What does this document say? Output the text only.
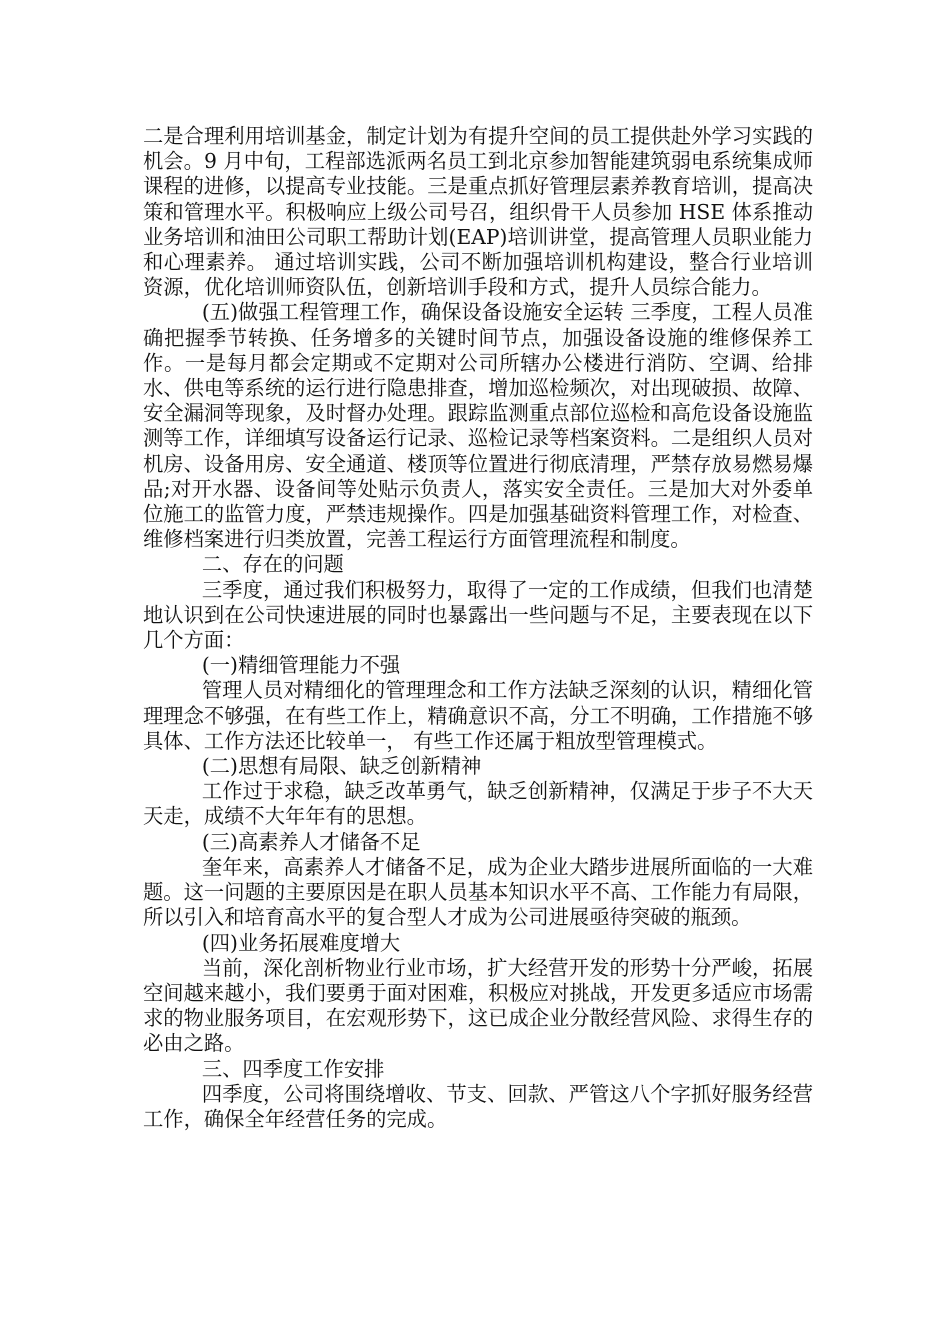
二是合理利用培训基金，制定计划为有提升空间的员工提供赴外学习实践的机会。9 月中旬，工程部选派两名员工到北京参加智能建筑弱电系统集成师课程的进修，以提高专业技能。三是重点抓好管理层素养教育培训，提高决策和管理水平。积极响应上级公司号召，组织骨干人员参加 HSE 体系推动业务培训和油田公司职工帮助计划(EAP)培训讲堂，提高管理人员职业能力和心理素养。 通过培训实践，公司不断加强培训机构建设，整合行业培训资源，优化培训师资队伍，创新培训手段和方式，提升人员综合能力。

(五)做强工程管理工作，确保设备设施安全运转 三季度，工程人员准确把握季节转换、任务增多的关键时间节点，加强设备设施的维修保养工作。一是每月都会定期或不定期对公司所辖办公楼进行消防、空调、给排水、供电等系统的运行进行隐患排查，增加巡检频次，对出现破损、故障、安全漏洞等现象，及时督办处理。跟踪监测重点部位巡检和高危设备设施监测等工作，详细填写设备运行记录、巡检记录等档案资料。二是组织人员对机房、设备用房、安全通道、楼顶等位置进行彻底清理，严禁存放易燃易爆品;对开水器、设备间等处贴示负责人，落实安全责任。三是加大对外委单位施工的监管力度，严禁违规操作。四是加强基础资料管理工作，对检查、维修档案进行归类放置，完善工程运行方面管理流程和制度。

二、存在的问题

三季度，通过我们积极努力，取得了一定的工作成绩，但我们也清楚地认识到在公司快速进展的同时也暴露出一些问题与不足，主要表现在以下几个方面：

(一)精细管理能力不强

管理人员对精细化的管理理念和工作方法缺乏深刻的认识，精细化管理理念不够强，在有些工作上，精确意识不高，分工不明确，工作措施不够具体、工作方法还比较单一， 有些工作还属于粗放型管理模式。

(二)思想有局限、缺乏创新精神

工作过于求稳，缺乏改革勇气，缺乏创新精神，仅满足于步子不大天天走，成绩不大年年有的思想。

(三)高素养人才储备不足

奎年来，高素养人才储备不足，成为企业大踏步进展所面临的一大难题。这一问题的主要原因是在职人员基本知识水平不高、工作能力有局限，所以引入和培育高水平的复合型人才成为公司进展亟待突破的瓶颈。

(四)业务拓展难度增大

当前，深化剖析物业行业市场，扩大经营开发的形势十分严峻，拓展空间越来越小，我们要勇于面对困难，积极应对挑战，开发更多适应市场需求的物业服务项目，在宏观形势下，这已成企业分散经营风险、求得生存的必由之路。

三、四季度工作安排

四季度，公司将围绕增收、节支、回款、严管这八个字抓好服务经营工作，确保全年经营任务的完成。
